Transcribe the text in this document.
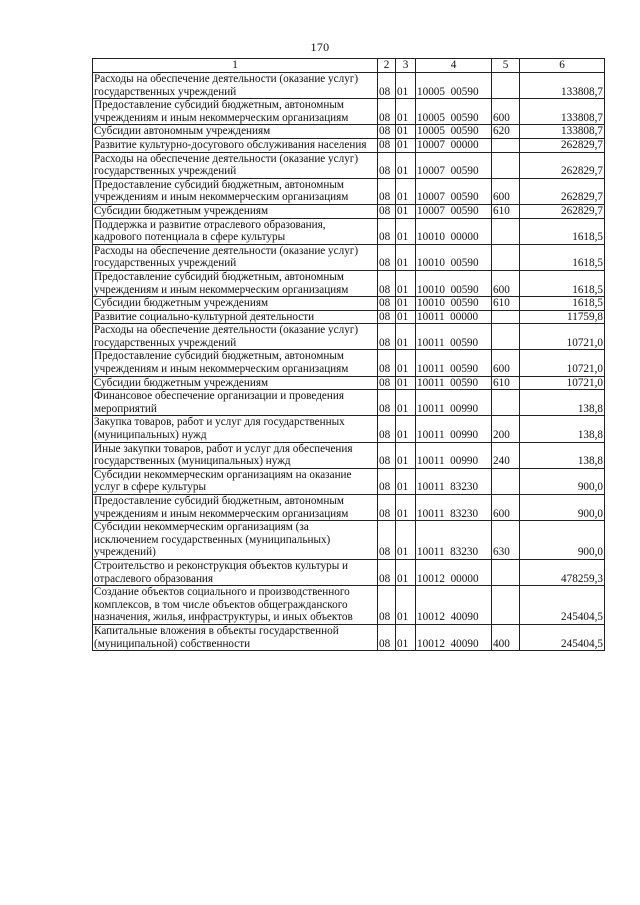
170
1	2	3	4	5	6
Расходы на обеспечение деятельности (оказание услуг) государственных учреждений	08	01	10005  00590		133808,7
Предоставление субсидий бюджетным, автономным учреждениям и иным некоммерческим организациям	08	01	10005  00590	600	133808,7
Субсидии автономным учреждениям	08	01	10005  00590	620	133808,7
Развитие культурно-досугового обслуживания населения	08	01	10007  00000		262829,7
Расходы на обеспечение деятельности (оказание услуг) государственных учреждений	08	01	10007  00590		262829,7
Предоставление субсидий бюджетным, автономным учреждениям и иным некоммерческим организациям	08	01	10007  00590	600	262829,7
Субсидии бюджетным учреждениям	08	01	10007  00590	610	262829,7
Поддержка и развитие отраслевого образования, кадрового потенциала в сфере культуры	08	01	10010  00000		1618,5
Расходы на обеспечение деятельности (оказание услуг) государственных учреждений	08	01	10010  00590		1618,5
Предоставление субсидий бюджетным, автономным учреждениям и иным некоммерческим организациям	08	01	10010  00590	600	1618,5
Субсидии бюджетным учреждениям	08	01	10010  00590	610	1618,5
Развитие социально-культурной деятельности	08	01	10011  00000		11759,8
Расходы на обеспечение деятельности (оказание услуг) государственных учреждений	08	01	10011  00590		10721,0
Предоставление субсидий бюджетным, автономным учреждениям и иным некоммерческим организациям	08	01	10011  00590	600	10721,0
Субсидии бюджетным учреждениям	08	01	10011  00590	610	10721,0
Финансовое обеспечение организации и проведения мероприятий	08	01	10011  00990		138,8
Закупка товаров, работ и услуг для государственных (муниципальных) нужд	08	01	10011  00990	200	138,8
Иные закупки товаров, работ и услуг для обеспечения государственных (муниципальных) нужд	08	01	10011  00990	240	138,8
Субсидии некоммерческим организациям на оказание услуг в сфере культуры	08	01	10011  83230		900,0
Предоставление субсидий бюджетным, автономным учреждениям и иным некоммерческим организациям	08	01	10011  83230	600	900,0
Субсидии некоммерческим организациям (за исключением государственных (муниципальных) учреждений)	08	01	10011  83230	630	900,0
Строительство и реконструкция объектов культуры и отраслевого образования	08	01	10012  00000		478259,3
Создание объектов социального и производственного комплексов, в том числе объектов общегражданского назначения, жилья, инфраструктуры, и иных объектов	08	01	10012  40090		245404,5
Капитальные вложения в объекты государственной (муниципальной) собственности	08	01	10012  40090	400	245404,5
